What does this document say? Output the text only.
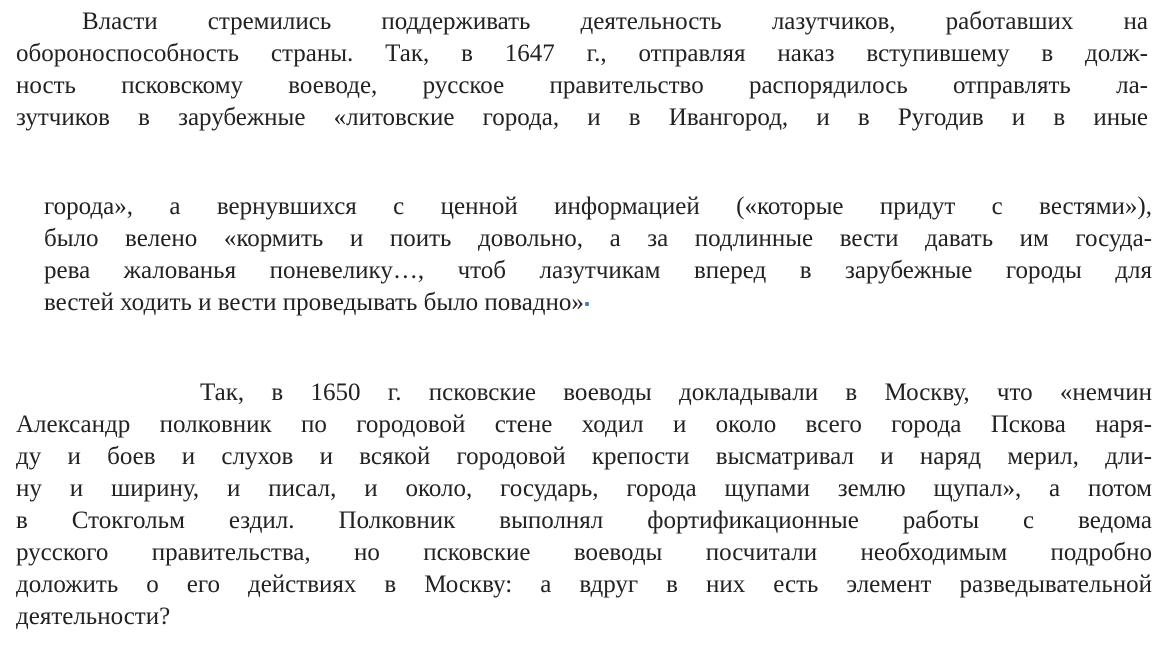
Власти стремились поддерживать деятельность лазутчиков, работавших на
обороноспособность страны. Так, в 1647 г., отправляя наказ вступившему в долж-
ность псковскому воеводе, русское правительство распорядилось отправлять ла-
зутчиков в зарубежные «литовские города, и в Ивангород, и в Ругодив и в иные
города», а вернувшихся с ценной информацией («которые придут с вестями»),
было велено «кормить и поить довольно, а за подлинные вести давать им госуда-
рева жалованья поневелику…, чтоб лазутчикам вперед в зарубежные городы для
вестей ходить и вести проведывать было повадно»
Так, в 1650 г. псковские воеводы докладывали в Москву, что «немчин
Александр полковник по городовой стене ходил и около всего города Пскова наря-
ду и боев и слухов и всякой городовой крепости высматривал и наряд мерил, дли-
ну и ширину, и писал, и около, государь, города щупами землю щупал», а потом
в Стокгольм ездил. Полковник выполнял фортификационные работы с ведома
русского правительства, но псковские воеводы посчитали необходимым подробно
доложить о его действиях в Москву: а вдруг в них есть элемент разведывательной
деятельности?
